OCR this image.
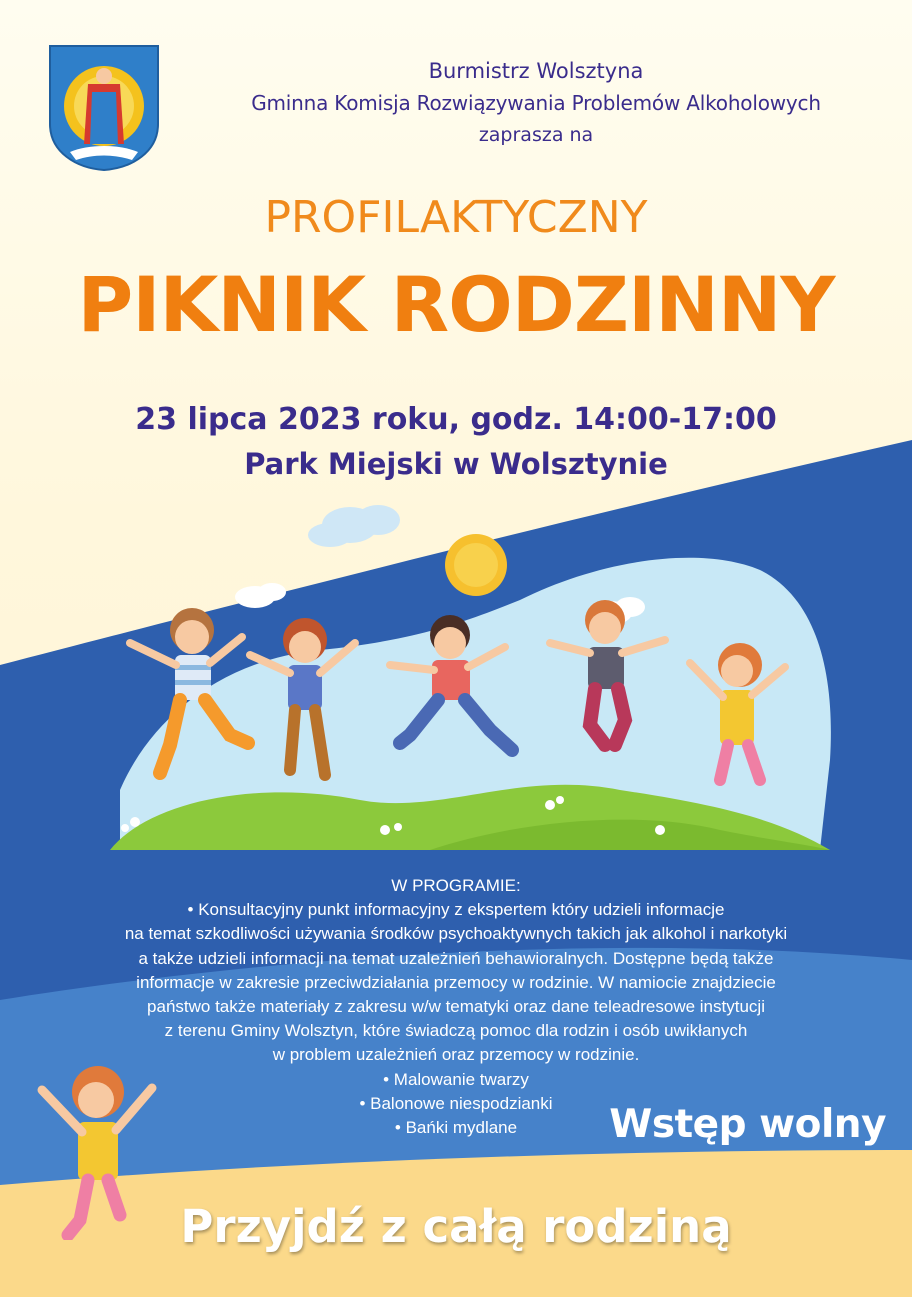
Burmistrz Wolsztyna
Gminna Komisja Rozwiązywania Problemów Alkoholowych
zaprasza na
PROFILAKTYCZNY
PIKNIK RODZINNY
23 lipca 2023 roku, godz. 14:00-17:00
Park Miejski w Wolsztynie
W PROGRAMIE:
• Konsultacyjny punkt informacyjny z ekspertem który udzieli informacje
na temat szkodliwości używania środków psychoaktywnych takich jak alkohol i narkotyki
a także udzieli informacji na temat uzależnień behawioralnych. Dostępne będą także
informacje w zakresie przeciwdziałania przemocy w rodzinie. W namiocie znajdziecie
państwo także materiały z zakresu w/w tematyki oraz dane teleadresowe instytucji
z terenu Gminy Wolsztyn, które świadczą pomoc dla rodzin i osób uwikłanych
w problem uzależnień oraz przemocy w rodzinie.
• Malowanie twarzy
• Balonowe niespodzianki
• Bańki mydlane	Wstęp wolny
Przyjdź z całą rodziną
